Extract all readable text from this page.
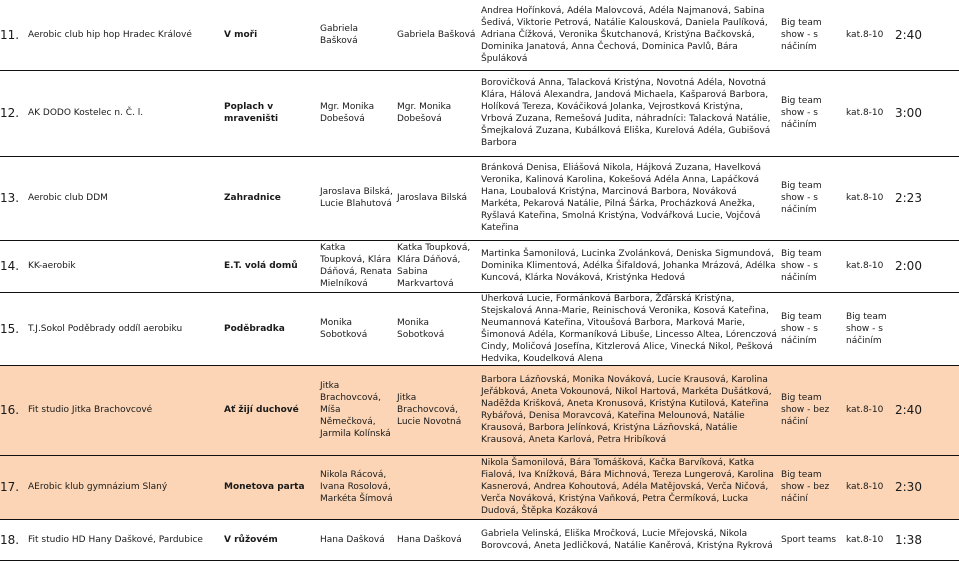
11.	Aerobic club hip hop Hradec Králové	V moři	Gabriela Bašková	Gabriela Bašková	Andrea Hořínková, Adéla Malovcová, Adéla Najmanová, Sabina Šedivá, Viktorie Petrová, Natálie Kalousková, Daniela Paulíková, Adriana Čížková, Veronika Škutchanová, Kristýna Bačkovská, Dominika Janatová, Anna Čechová, Dominica Pavlů, Bára Špuláková	Big team show - s náčiním	kat.8-10	2:40
12.	AK DODO Kostelec n. Č. l.	Poplach v mraveništi	Mgr. Monika Dobešová	Mgr. Monika Dobešová	Borovičková Anna, Talacková Kristýna, Novotná Adéla, Novotná Klára, Hálová Alexandra, Jandová Michaela, Kašparová Barbora, Holíková Tereza, Kováčiková Jolanka, Vejrostková Kristýna, Vrbová Zuzana, Remešová Judita, náhradníci: Talacková Natálie, Šmejkalová Zuzana, Kubálková Eliška, Kurelová Adéla, Gubišová Barbora	Big team show - s náčiním	kat.8-10	3:00
13.	Aerobic club DDM	Zahradnice	Jaroslava Bilská, Lucie Blahutová	Jaroslava Bilská	Bránková Denisa, Eliášová Nikola, Hájková Zuzana, Havelková Veronika, Kalinová Karolina, Kokešová Adéla Anna, Lapáčková Hana, Loubalová Kristýna, Marcinová Barbora, Nováková Markéta, Pekarová Natálie, Pilná Šárka, Procházková Anežka, Ryšlavá Kateřina, Smolná Kristýna, Vodvářková Lucie, Vojčová Kateřina	Big team show - s náčiním	kat.8-10	2:23
14.	KK-aerobik	E.T. volá domů	Katka Toupková, Klára Dáňová, Renata Mielníková	Katka Toupková, Klára Dáňová, Sabina Markvartová	Martinka Šamonilová, Lucinka Zvolánková, Deniska Sigmundová, Dominika Klimentová, Adélka Šifaldová, Johanka Mrázová, Adélka Kuncová, Klárka Nováková, Kristýnka Hedová	Big team show - s náčiním	kat.8-10	2:00
15.	T.J.Sokol Poděbrady oddíl aerobiku	Poděbradka	Monika Sobotková	Monika Sobotková	Uherková Lucie, Formánková Barbora, Žďárská Kristýna, Stejskalová Anna-Marie, Reinischová Veronika, Kosová Kateřina, Neumannová Kateřina, Vitoušová Barbora, Marková Marie, Šimonová Adéla, Kormaníková Libuše, Lincesso Altea, Lórenczová Cindy, Moličová Josefína, Kitzlerová Alice, Vinecká Nikol, Pešková Hedvika, Koudelková Alena	Big team show - s náčiním	Big team show - s náčiním	
16.	Fit studio Jitka Brachovcové	Ať žijí duchové	Jitka Brachovcová, Míša Němečková, Jarmila Kolínská	Jitka Brachovcová, Lucie Novotná	Barbora Lázňovská, Monika Nováková, Lucie Krausová, Karolina Jeřábková, Aneta Vokounová, Nikol Hartová, Markéta Dušátková, Nadĕžda Krišková, Aneta Kronusová, Kristýna Kutilová, Kateřina Rybářová, Denisa Moravcová, Kateřina Melounová, Natálie Krausová, Barbora Jelínková, Kristýna Lázňovská, Natálie Krausová, Aneta Karlová, Petra Hribíková	Big team show - bez náčiní	kat.8-10	2:40
17.	AErobic klub gymnázium Slaný	Monetova parta	Nikola Rácová, Ivana Rosolová, Markéta Šímová		Nikola Šamonilová, Bára Tomášková, Kačka Barvíková, Katka Fialová, Iva Knížková, Bára Michnová, Tereza Lungerová, Karolina Kasnerová, Andrea Kohoutová, Adéla Matějovská, Verča Ničová, Verča Nováková, Kristýna Vaňková, Petra Čermíková, Lucka Dudová, Štěpka Kozáková	Big team show - bez náčiní	kat.8-10	2:30
18.	Fit studio HD Hany Daškové, Pardubice	V růžovém	Hana Dašková	Hana Dašková	Gabriela Velinská, Eliška Mročková, Lucie Mřejovská, Nikola Borovcová, Aneta Jedličková, Natálie Kaněrová, Kristýna Rykrová	Sport teams	kat.8-10	1:38
